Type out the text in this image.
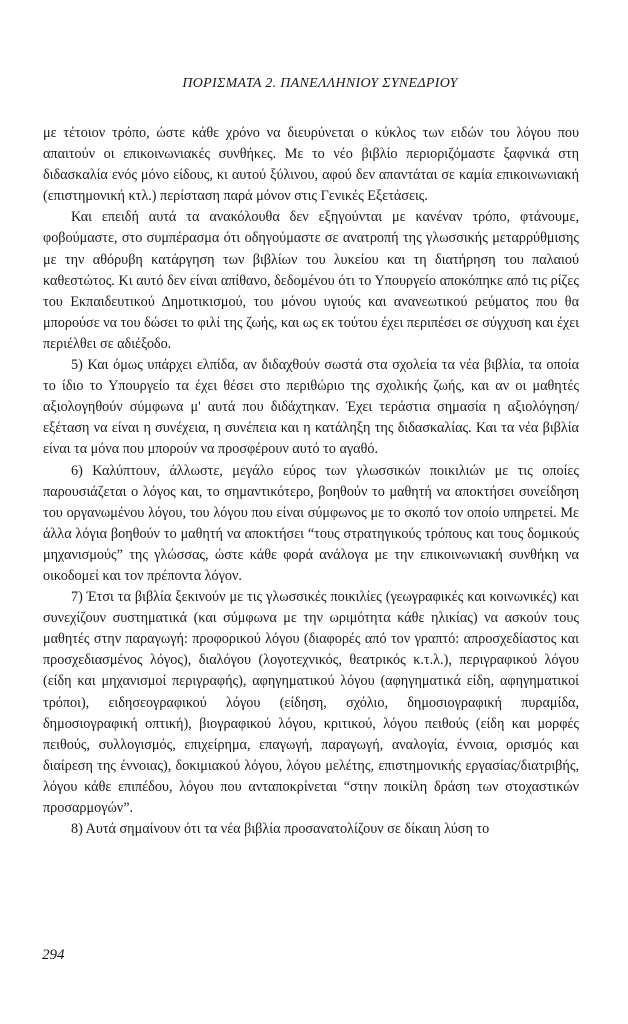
ΠΟΡΙΣΜΑΤΑ 2. ΠΑΝΕΛΛΗΝΙΟΥ ΣΥΝΕΔΡΙΟΥ

με τέτοιον τρόπο, ώστε κάθε χρόνο να διευρύνεται ο κύκλος των ειδών του λόγου που απαιτούν οι επικοινωνιακές συνθήκες. Με το νέο βιβλίο περιοριζόμαστε ξαφνικά στη διδασκαλία ενός μόνο είδους, κι αυτού ξύλινου, αφού δεν απαντάται σε καμία επικοινωνιακή (επιστημονική κτλ.) περίσταση παρά μόνον στις Γενικές Εξετάσεις.

Και επειδή αυτά τα ανακόλουθα δεν εξηγούνται με κανέναν τρόπο, φτάνουμε, φοβούμαστε, στο συμπέρασμα ότι οδηγούμαστε σε ανατροπή της γλωσσικής μεταρρύθμισης με την αθόρυβη κατάργηση των βιβλίων του λυκείου και τη διατήρηση του παλαιού καθεστώτος. Κι αυτό δεν είναι απίθανο, δεδομένου ότι το Υπουργείο αποκόπηκε από τις ρίζες του Εκπαιδευτικού Δημοτικισμού, του μόνου υγιούς και ανανεωτικού ρεύματος που θα μπορούσε να του δώσει το φιλί της ζωής, και ως εκ τούτου έχει περιπέσει σε σύγχυση και έχει περιέλθει σε αδιέξοδο.

5) Και όμως υπάρχει ελπίδα, αν διδαχθούν σωστά στα σχολεία τα νέα βιβλία, τα οποία το ίδιο το Υπουργείο τα έχει θέσει στο περιθώριο της σχολικής ζωής, και αν οι μαθητές αξιολογηθούν σύμφωνα μ' αυτά που διδάχτηκαν. Έχει τεράστια σημασία η αξιολόγηση/εξέταση να είναι η συνέχεια, η συνέπεια και η κατάληξη της διδασκαλίας. Και τα νέα βιβλία είναι τα μόνα που μπορούν να προσφέρουν αυτό το αγαθό.

6) Καλύπτουν, άλλωστε, μεγάλο εύρος των γλωσσικών ποικιλιών με τις οποίες παρουσιάζεται ο λόγος και, το σημαντικότερο, βοηθούν το μαθητή να αποκτήσει συνείδηση του οργανωμένου λόγου, του λόγου που είναι σύμφωνος με το σκοπό τον οποίο υπηρετεί. Με άλλα λόγια βοηθούν το μαθητή να αποκτήσει “τους στρατηγικούς τρόπους και τους δομικούς μηχανισμούς” της γλώσσας, ώστε κάθε φορά ανάλογα με την επικοινωνιακή συνθήκη να οικοδομεί και τον πρέποντα λόγον.

7) Έτσι τα βιβλία ξεκινούν με τις γλωσσικές ποικιλίες (γεωγραφικές και κοινωνικές) και συνεχίζουν συστηματικά (και σύμφωνα με την ωριμότητα κάθε ηλικίας) να ασκούν τους μαθητές στην παραγωγή: προφορικού λόγου (διαφορές από τον γραπτό: απροσχεδίαστος και προσχεδιασμένος λόγος), διαλόγου (λογοτεχνικός, θεατρικός κ.τ.λ.), περιγραφικού λόγου (είδη και μηχανισμοί περιγραφής), αφηγηματικού λόγου (αφηγηματικά είδη, αφηγηματικοί τρόποι), ειδησεογραφικού λόγου (είδηση, σχόλιο, δημοσιογραφική πυραμίδα, δημοσιογραφική οπτική), βιογραφικού λόγου, κριτικού, λόγου πειθούς (είδη και μορφές πειθούς, συλλογισμός, επιχείρημα, επαγωγή, παραγωγή, αναλογία, έννοια, ορισμός και διαίρεση της έννοιας), δοκιμιακού λόγου, λόγου μελέτης, επιστημονικής εργασίας/διατριβής, λόγου κάθε επιπέδου, λόγου που ανταποκρίνεται “στην ποικίλη δράση των στοχαστικών προσαρμογών”.

8) Αυτά σημαίνουν ότι τα νέα βιβλία προσανατολίζουν σε δίκαιη λύση το

294
